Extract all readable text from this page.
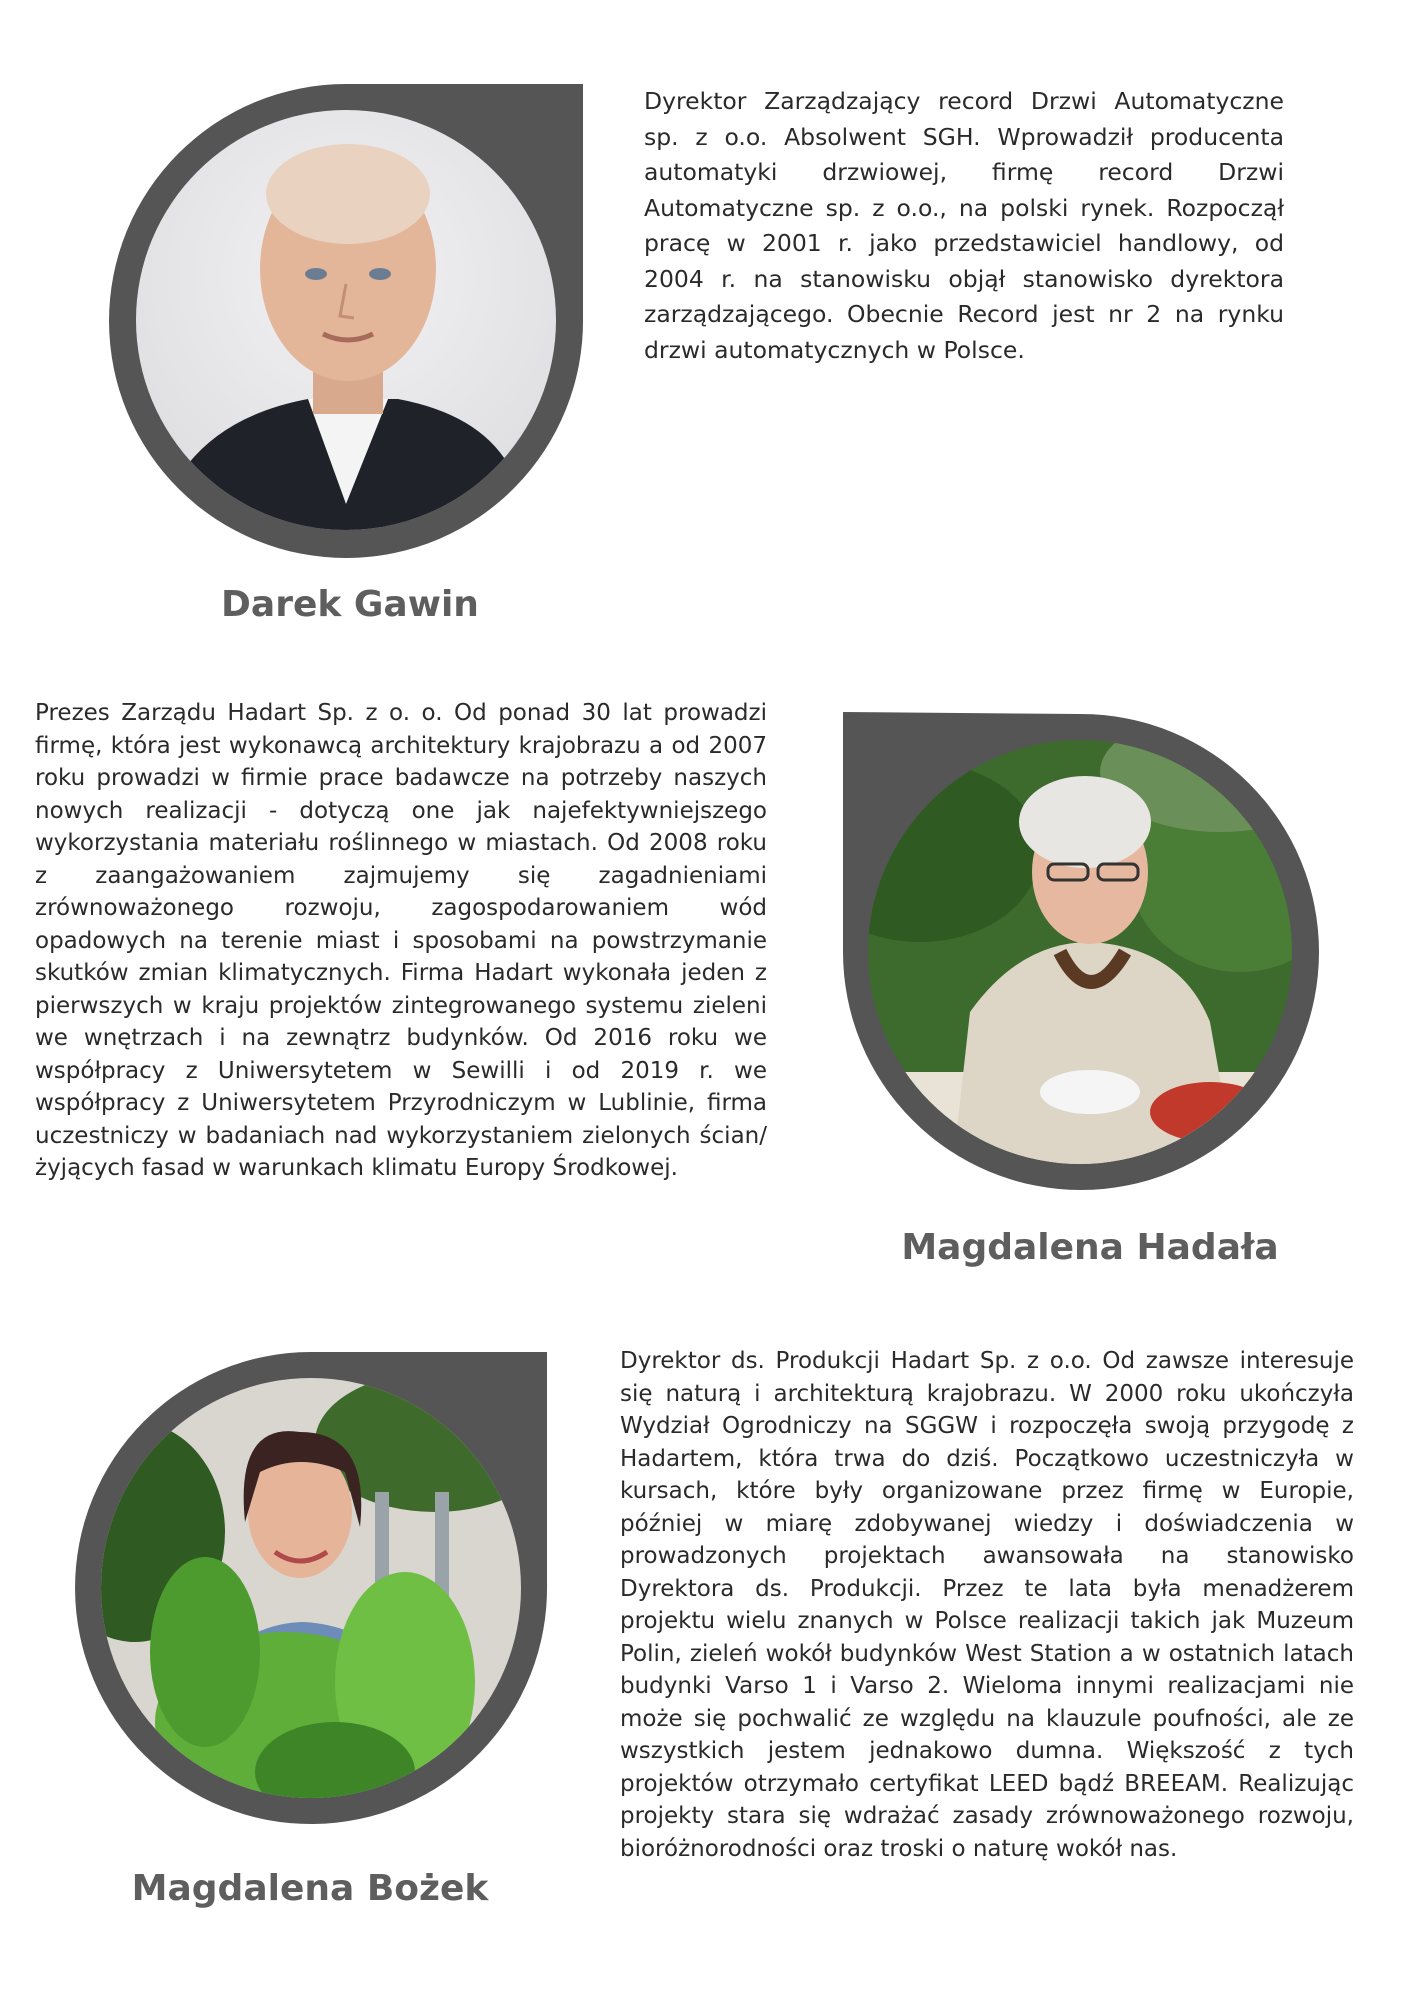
Dyrektor Zarządzający record Drzwi Automatyczne sp. z o.o. Absolwent SGH. Wprowadził producenta automatyki drzwiowej, firmę record Drzwi Automatyczne sp. z o.o., na polski rynek. Rozpoczął pracę w 2001 r. jako przedstawiciel handlowy, od 2004 r. na stanowisku objął stanowisko dyrektora zarządzającego. Obecnie Record jest nr 2 na rynku drzwi automatycznych w Polsce.

Darek Gawin

Prezes Zarządu Hadart Sp. z o. o. Od ponad 30 lat prowadzi firmę, która jest wykonawcą architektury krajobrazu a od 2007 roku prowadzi w firmie prace badawcze na potrzeby naszych nowych realizacji - dotyczą one jak najefektywniejszego wykorzystania materiału roślinnego w miastach. Od 2008 roku z zaangażowaniem zajmujemy się zagadnieniami zrównoważonego rozwoju, zagospodarowaniem wód opadowych na terenie miast i sposobami na powstrzymanie skutków zmian klimatycznych. Firma Hadart wykonała jeden z pierwszych w kraju projektów zintegrowanego systemu zieleni we wnętrzach i na zewnątrz budynków. Od 2016 roku we współpracy z Uniwersytetem w Sewilli i od 2019 r. we współpracy z Uniwersytetem Przyrodniczym w Lublinie, firma uczestniczy w badaniach nad wykorzystaniem zielonych ścian/ żyjących fasad w warunkach klimatu Europy Środkowej.

Magdalena Hadała

Dyrektor ds. Produkcji Hadart Sp. z o.o. Od zawsze interesuje się naturą i architekturą krajobrazu. W 2000 roku ukończyła Wydział Ogrodniczy na SGGW i rozpoczęła swoją przygodę z Hadartem, która trwa do dziś. Początkowo uczestniczyła w kursach, które były organizowane przez firmę w Europie, później w miarę zdobywanej wiedzy i doświadczenia w prowadzonych projektach awansowała na stanowisko Dyrektora ds. Produkcji. Przez te lata była menadżerem projektu wielu znanych w Polsce realizacji takich jak Muzeum Polin, zieleń wokół budynków West Station a w ostatnich latach budynki Varso 1 i Varso 2. Wieloma innymi realizacjami nie może się pochwalić ze względu na klauzule poufności, ale ze wszystkich jestem jednakowo dumna. Większość z tych projektów otrzymało certyfikat LEED bądź BREEAM. Realizując projekty stara się wdrażać zasady zrównoważonego rozwoju, bioróżnorodności oraz troski o naturę wokół nas.

Magdalena Bożek
